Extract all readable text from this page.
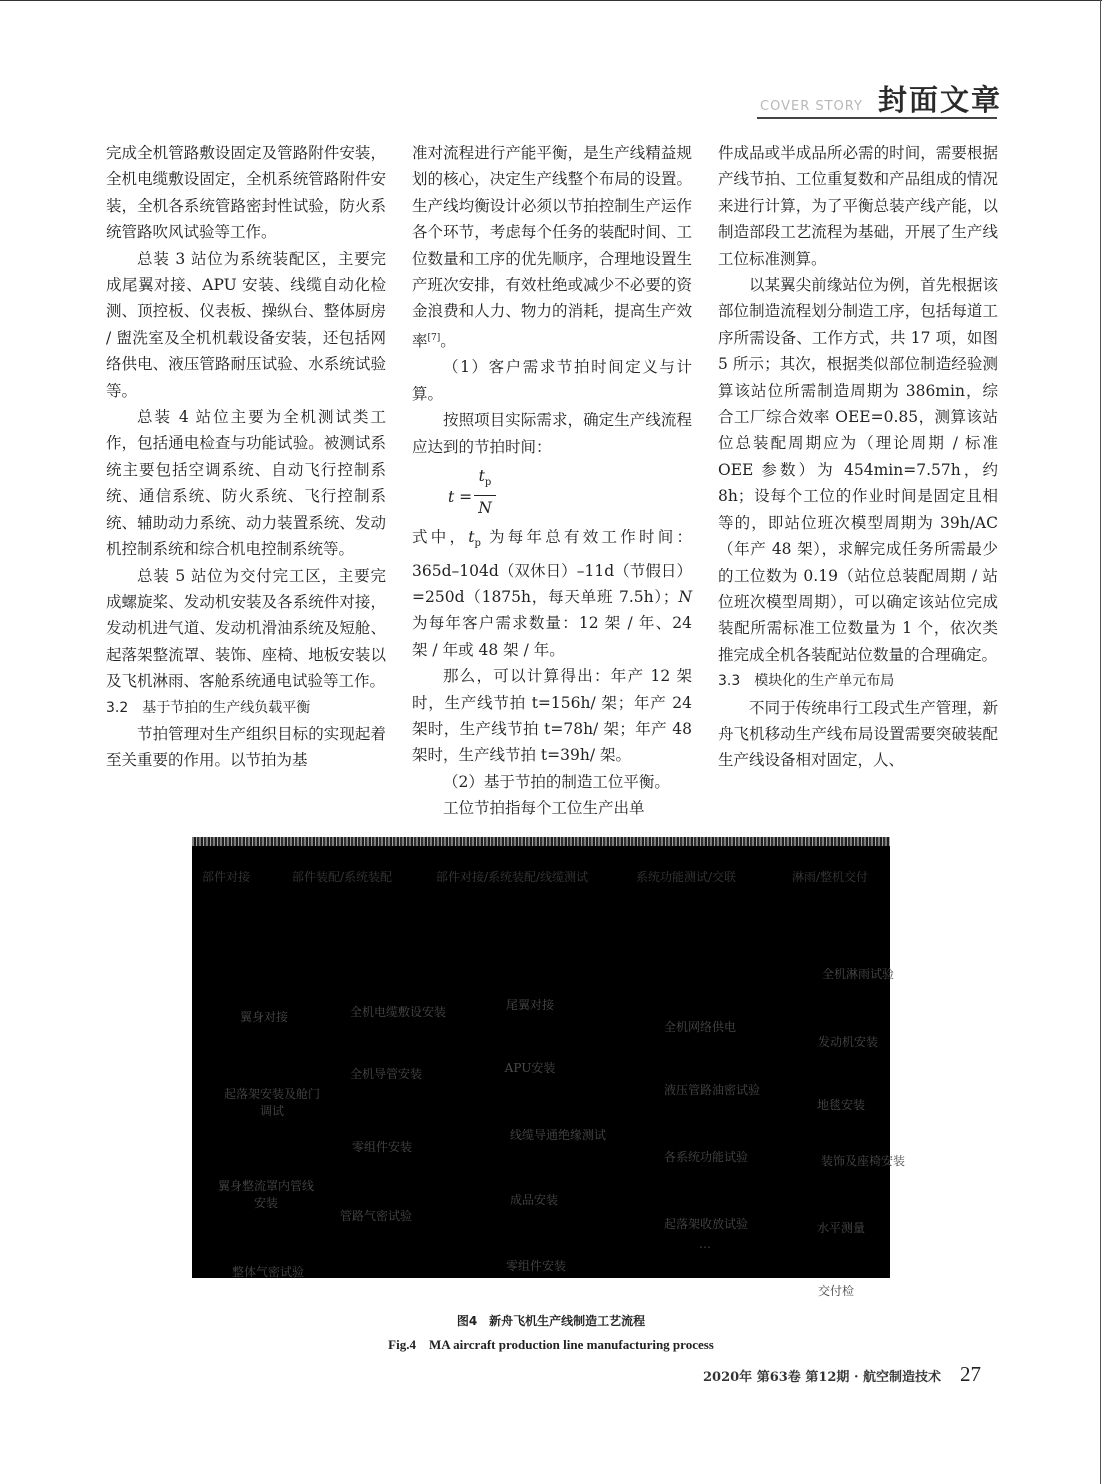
COVER STORY 封面文章

完成全机管路敷设固定及管路附件安装，全机电缆敷设固定，全机系统管路附件安装，全机各系统管路密封性试验，防火系统管路吹风试验等工作。

总装 3 站位为系统装配区，主要完成尾翼对接、APU 安装、线缆自动化检测、顶控板、仪表板、操纵台、整体厨房 / 盥洗室及全机机载设备安装，还包括网络供电、液压管路耐压试验、水系统试验等。

总装 4 站位主要为全机测试类工作，包括通电检查与功能试验。被测试系统主要包括空调系统、自动飞行控制系统、通信系统、防火系统、飞行控制系统、辅助动力系统、动力装置系统、发动机控制系统和综合机电控制系统等。

总装 5 站位为交付完工区，主要完成螺旋桨、发动机安装及各系统件对接，发动机进气道、发动机滑油系统及短舱、起落架整流罩、装饰、座椅、地板安装以及飞机淋雨、客舱系统通电试验等工作。

3.2　基于节拍的生产线负载平衡

节拍管理对生产组织目标的实现起着至关重要的作用。以节拍为基

准对流程进行产能平衡，是生产线精益规划的核心，决定生产线整个布局的设置。生产线均衡设计必须以节拍控制生产运作各个环节，考虑每个任务的装配时间、工位数量和工序的优先顺序，合理地设置生产班次安排，有效杜绝或减少不必要的资金浪费和人力、物力的消耗，提高生产效率[7]。

（1）客户需求节拍时间定义与计算。

按照项目实际需求，确定生产线流程应达到的节拍时间：

$t = \frac{t_p}{N}$

式中，$t_p$ 为每年总有效工作时间：365d–104d（双休日）–11d（节假日）=250d（1875h，每天单班 7.5h）；N 为每年客户需求数量：12 架 / 年、24 架 / 年或 48 架 / 年。

那么，可以计算得出：年产 12 架时，生产线节拍 t=156h/ 架；年产 24 架时，生产线节拍 t=78h/ 架；年产 48 架时，生产线节拍 t=39h/ 架。

（2）基于节拍的制造工位平衡。

工位节拍指每个工位生产出单

件成品或半成品所必需的时间，需要根据产线节拍、工位重复数和产品组成的情况来进行计算，为了平衡总装产线产能，以制造部段工艺流程为基础，开展了生产线工位标准测算。

以某翼尖前缘站位为例，首先根据该部位制造流程划分制造工序，包括每道工序所需设备、工作方式，共 17 项，如图 5 所示；其次，根据类似部位制造经验测算该站位所需制造周期为 386min，综合工厂综合效率 OEE=0.85，测算该站位总装配周期应为（理论周期 / 标准 OEE 参数）为 454min=7.57h，约 8h；设每个工位的作业时间是固定且相等的，即站位班次模型周期为 39h/AC（年产 48 架），求解完成任务所需最少的工位数为 0.19（站位总装配周期 / 站位班次模型周期），可以确定该站位完成装配所需标准工位数量为 1 个，依次类推完成全机各装配站位数量的合理确定。

3.3　模块化的生产单元布局

不同于传统串行工段式生产管理，新舟飞机移动生产线布局设置需要突破装配生产线设备相对固定，人、

部件对接	部件装配/系统装配	部件对接/系统装配/线缆测试	系统功能测试/交联	淋雨/整机交付
翼身对接
起落架安装及舱门调试
翼身整流罩内管线安装
整体气密试验
全机电缆敷设安装
全机导管安装
零组件安装
管路气密试验
尾翼对接
APU安装
线缆导通绝缘测试
成品安装
零组件安装
全机网络供电
液压管路油密试验
各系统功能试验
起落架收放试验
…
全机淋雨试验
发动机安装
地毯安装
装饰及座椅安装
水平测量
交付检
图4　新舟飞机生产线制造工艺流程
Fig.4　MA aircraft production line manufacturing process
2020年 第63卷 第12期 · 航空制造技术 27
